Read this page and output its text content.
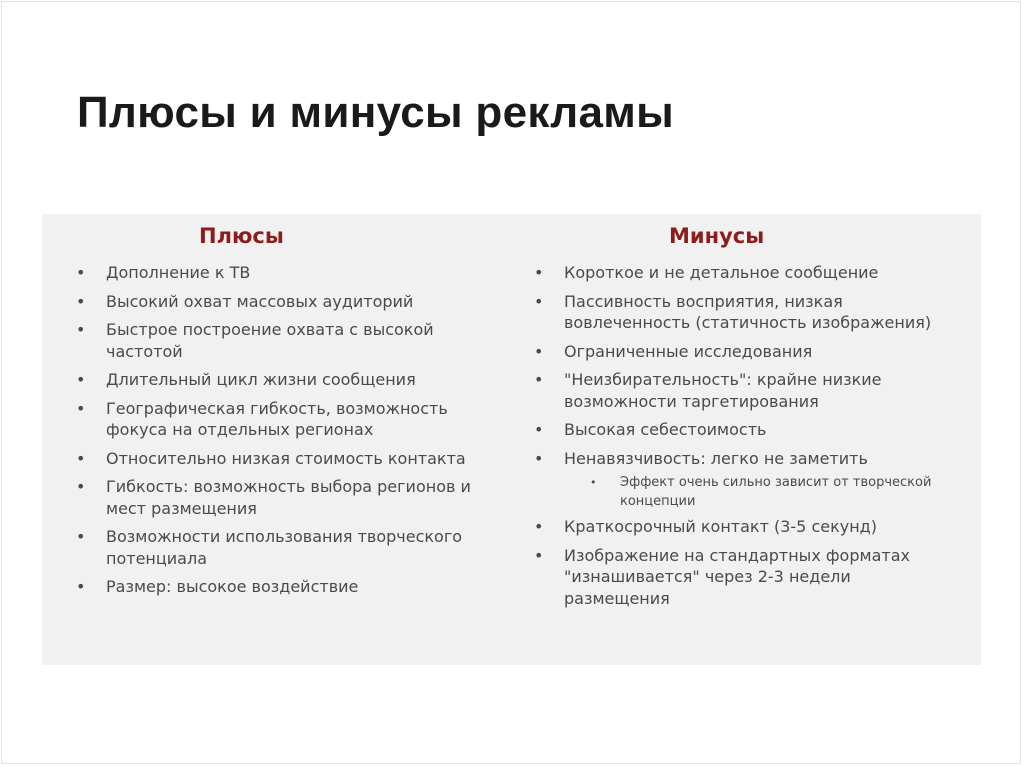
Плюсы и минусы рекламы
Плюсы
• Дополнение к ТВ
• Высокий охват массовых аудиторий
• Быстрое построение охвата с высокой частотой
• Длительный цикл жизни сообщения
• Географическая гибкость, возможность фокуса на отдельных регионах
• Относительно низкая стоимость контакта
• Гибкость: возможность выбора регионов и мест размещения
• Возможности использования творческого потенциала
• Размер: высокое воздействие
Минусы
• Короткое и не детальное сообщение
• Пассивность восприятия, низкая вовлеченность (статичность изображения)
• Ограниченные исследования
• "Неизбирательность": крайне низкие возможности таргетирования
• Высокая себестоимость
• Ненавязчивость: легко не заметить
• Эффект очень сильно зависит от творческой концепции
• Краткосрочный контакт (3-5 секунд)
• Изображение на стандартных форматах "изнашивается" через 2-3 недели размещения
